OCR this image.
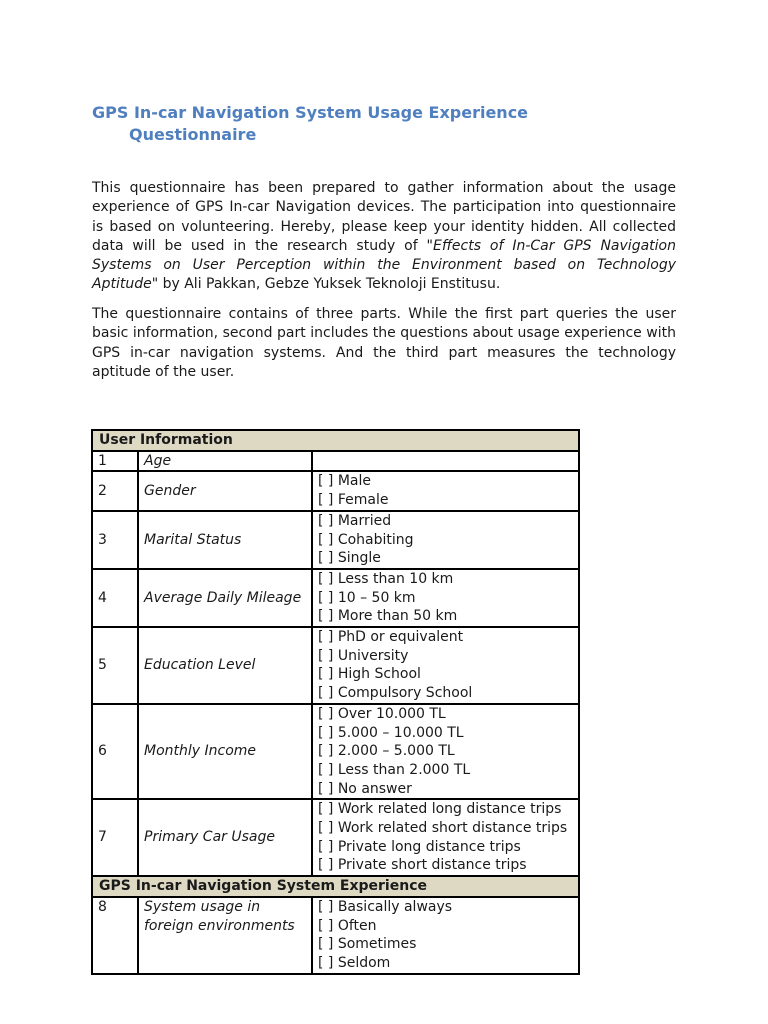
GPS In-car Navigation System Usage Experience
Questionnaire

This questionnaire has been prepared to gather information about the usage experience of GPS In-car Navigation devices. The participation into questionnaire is based on volunteering. Hereby, please keep your identity hidden. All collected data will be used in the research study of "Effects of In-Car GPS Navigation Systems on User Perception within the Environment based on Technology Aptitude" by Ali Pakkan, Gebze Yuksek Teknoloji Enstitusu.

The questionnaire contains of three parts. While the first part queries the user basic information, second part includes the questions about usage experience with GPS in-car navigation systems. And the third part measures the technology aptitude of the user.

User Information		
1	Age	
2	Gender	[ ] Male
[ ] Female

3	Marital Status	[ ] Married
[ ] Cohabiting
[ ] Single

4	Average Daily Mileage	[ ] Less than 10 km
[ ] 10 – 50 km
[ ] More than 50 km

5	Education Level	[ ] PhD or equivalent
[ ] University
[ ] High School
[ ] Compulsory School

6	Monthly Income	[ ] Over 10.000 TL
[ ] 5.000 – 10.000 TL
[ ] 2.000 – 5.000 TL
[ ] Less than 2.000 TL
[ ] No answer

7	Primary Car Usage	[ ] Work related long distance trips
[ ] Work related short distance trips
[ ] Private long distance trips
[ ] Private short distance trips

GPS In-car Navigation System Experience		
8	System usage in foreign environments	[ ] Basically always
[ ] Often
[ ] Sometimes
[ ] Seldom
